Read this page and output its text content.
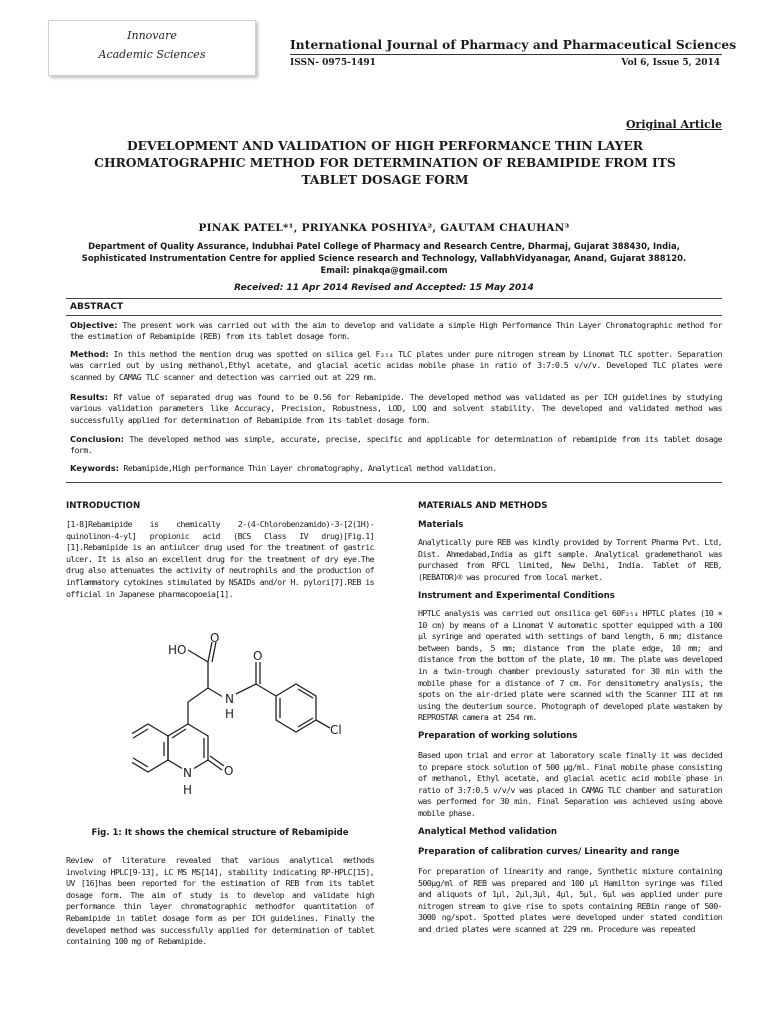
Innovare
Academic Sciences
International Journal of Pharmacy and Pharmaceutical Sciences
ISSN- 0975-1491	Vol 6, Issue 5, 2014
Original Article
DEVELOPMENT AND VALIDATION OF HIGH PERFORMANCE THIN LAYER CHROMATOGRAPHIC METHOD FOR DETERMINATION OF REBAMIPIDE FROM ITS TABLET DOSAGE FORM
PINAK PATEL*¹, PRIYANKA POSHIYA², GAUTAM CHAUHAN³
Department of Quality Assurance, Indubhai Patel College of Pharmacy and Research Centre, Dharmaj, Gujarat 388430, India,
Sophisticated Instrumentation Centre for applied Science research and Technology, VallabhVidyanagar, Anand, Gujarat 388120.
Email: pinakqa@gmail.com
Received: 11 Apr 2014 Revised and Accepted: 15 May 2014
ABSTRACT
Objective: The present work was carried out with the aim to develop and validate a simple High Performance Thin Layer Chromatographic method for the estimation of Rebamipide (REB) from its tablet dosage form.
Method: In this method the mention drug was spotted on silica gel F₂₅₄ TLC plates under pure nitrogen stream by Linomat TLC spotter. Separation was carried out by using methanol,Ethyl acetate, and glacial acetic acidas mobile phase in ratio of 3:7:0.5 v/v/v. Developed TLC plates were scanned by CAMAG TLC scanner and detection was carried out at 229 nm.
Results: Rf value of separated drug was found to be 0.56 for Rebamipide. The developed method was validated as per ICH guidelines by studying various validation parameters like Accuracy, Precision, Robustness, LOD, LOQ and solvent stability. The developed and validated method was successfully applied for determination of Rebamipide from its tablet dosage form.
Conclusion: The developed method was simple, accurate, precise, specific and applicable for determination of rebamipide from its tablet dosage form.
Keywords: Rebamipide,High performance Thin Layer chromatography, Analytical method validation.
INTRODUCTION
[1-8]Rebamipide is chemically 2-(4-Chlorobenzamido)-3-[2(1H)-quinolinon-4-yl] propionic acid (BCS Class IV drug)[Fig.1] [1].Rebamipide is an antiulcer drug used for the treatment of gastric ulcer. It is also an excellent drug for the treatment of dry eye.The drug also attenuates the activity of neutrophils and the production of inflammatory cytokines stimulated by NSAIDs and/or H. pylori[7].REB is official in Japanese pharmacopoeia[1].
HO
O
O
N
H
Cl
N
H
O
Fig. 1: It shows the chemical structure of Rebamipide
Review of literature revealed that various analytical methods involving HPLC[9-13], LC MS MS[14], stability indicating RP-HPLC[15], UV [16]has been reported for the estimation of REB from its tablet dosage form. The aim of study is to develop and validate high performance thin layer chromatographic methodfor quantitation of Rebamipide in tablet dosage form as per ICH guidelines. Finally the developed method was successfully applied for determination of tablet containing 100 mg of Rebamipide.
MATERIALS AND METHODS
Materials
Analytically pure REB was kindly provided by Torrent Pharma Pvt. Ltd, Dist. Ahmedabad,India as gift sample. Analytical grademethanol was purchased from RFCL limited, New Delhi, India. Tablet of REB, (REBATOR)® was procured from local market.
Instrument and Experimental Conditions
HPTLC analysis was carried out onsilica gel 60F₂₅₄ HPTLC plates (10 × 10 cm) by means of a Linomat V automatic spotter equipped with a 100 µl syringe and operated with settings of band length, 6 mm; distance between bands, 5 mm; distance from the plate edge, 10 mm; and distance from the bottom of the plate, 10 mm. The plate was developed in a twin-trough chamber previously saturated for 30 min with the mobile phase for a distance of 7 cm. For densitometry analysis, the spots on the air-dried plate were scanned with the Scanner III at nm using the deuterium source. Photograph of developed plate wastaken by REPROSTAR camera at 254 nm.
Preparation of working solutions
Based upon trial and error at laboratory scale finally it was decided to prepare stock solution of 500 µg/ml. Final mobile phase consisting of methanol, Ethyl acetate, and glacial acetic acid mobile phase in ratio of 3:7:0.5 v/v/v was placed in CAMAG TLC chamber and saturation was performed for 30 min. Final Separation was achieved using above mobile phase.
Analytical Method validation
Preparation of calibration curves/ Linearity and range
For preparation of linearity and range, Synthetic mixture containing 500µg/ml of REB was prepared and 100 µl Hamilton syringe was filed and aliquots of 1µl, 2µl,3µl, 4µl, 5µl, 6µl was applied under pure nitrogen stream to give rise to spots containing REBin range of 500-3000 ng/spot. Spotted plates were developed under stated condition and dried plates were scanned at 229 nm. Procedure was repeated
